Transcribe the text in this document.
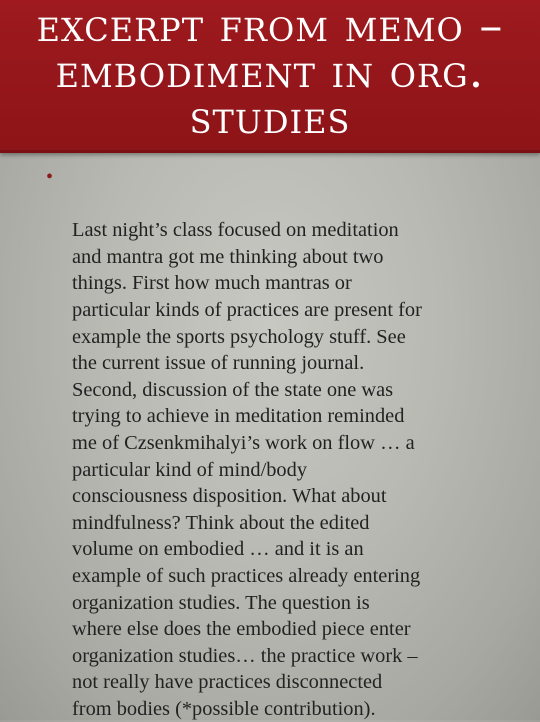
excerpt from memo –
embodiment in org.
studies

•

Last night’s class focused on meditation
and mantra got me thinking about two
things. First how much mantras or
particular kinds of practices are present for
example the sports psychology stuff. See
the current issue of running journal.
Second, discussion of the state one was
trying to achieve in meditation reminded
me of Czsenkmihalyi’s work on flow … a
particular kind of mind/body
consciousness disposition. What about
mindfulness? Think about the edited
volume on embodied … and it is an
example of such practices already entering
organization studies. The question is
where else does the embodied piece enter
organization studies… the practice work –
not really have practices disconnected
from bodies (*possible contribution).
